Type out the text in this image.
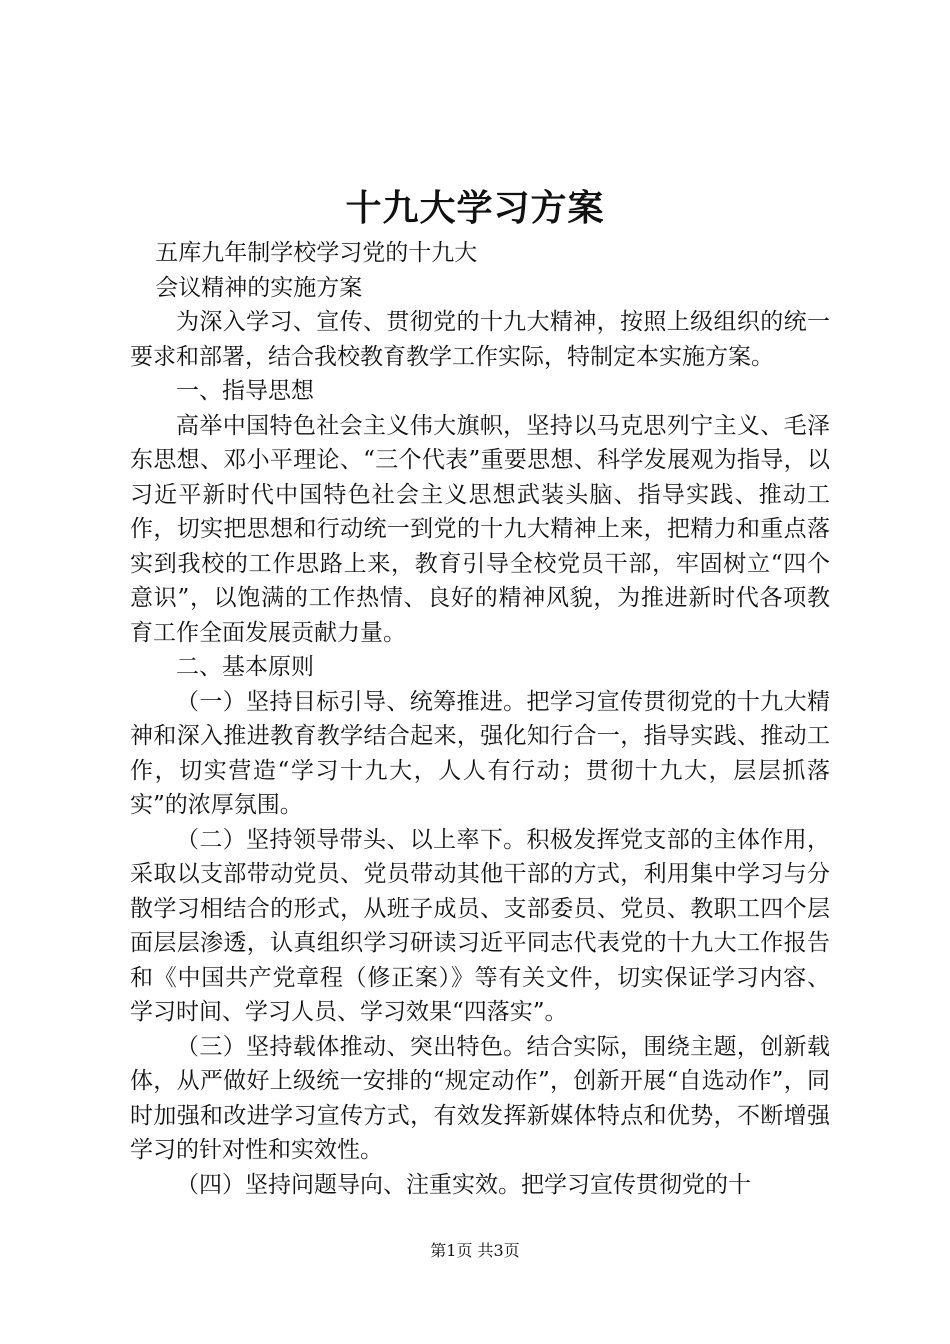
十九大学习方案

五库九年制学校学习党的十九大

会议精神的实施方案

为深入学习、宣传、贯彻党的十九大精神，按照上级组织的统一要求和部署，结合我校教育教学工作实际，特制定本实施方案。

一、指导思想

高举中国特色社会主义伟大旗帜，坚持以马克思列宁主义、毛泽东思想、邓小平理论、“三个代表”重要思想、科学发展观为指导，以习近平新时代中国特色社会主义思想武装头脑、指导实践、推动工作，切实把思想和行动统一到党的十九大精神上来，把精力和重点落实到我校的工作思路上来，教育引导全校党员干部，牢固树立“四个意识”，以饱满的工作热情、良好的精神风貌，为推进新时代各项教育工作全面发展贡献力量。

二、基本原则

（一）坚持目标引导、统筹推进。把学习宣传贯彻党的十九大精神和深入推进教育教学结合起来，强化知行合一，指导实践、推动工作，切实营造“学习十九大，人人有行动；贯彻十九大，层层抓落实”的浓厚氛围。

（二）坚持领导带头、以上率下。积极发挥党支部的主体作用，采取以支部带动党员、党员带动其他干部的方式，利用集中学习与分散学习相结合的形式，从班子成员、支部委员、党员、教职工四个层面层层渗透，认真组织学习研读习近平同志代表党的十九大工作报告和《中国共产党章程（修正案）》等有关文件，切实保证学习内容、学习时间、学习人员、学习效果“四落实”。

（三）坚持载体推动、突出特色。结合实际，围绕主题，创新载体，从严做好上级统一安排的“规定动作”，创新开展“自选动作”，同时加强和改进学习宣传方式，有效发挥新媒体特点和优势，不断增强学习的针对性和实效性。

（四）坚持问题导向、注重实效。把学习宣传贯彻党的十

第1页 共3页
